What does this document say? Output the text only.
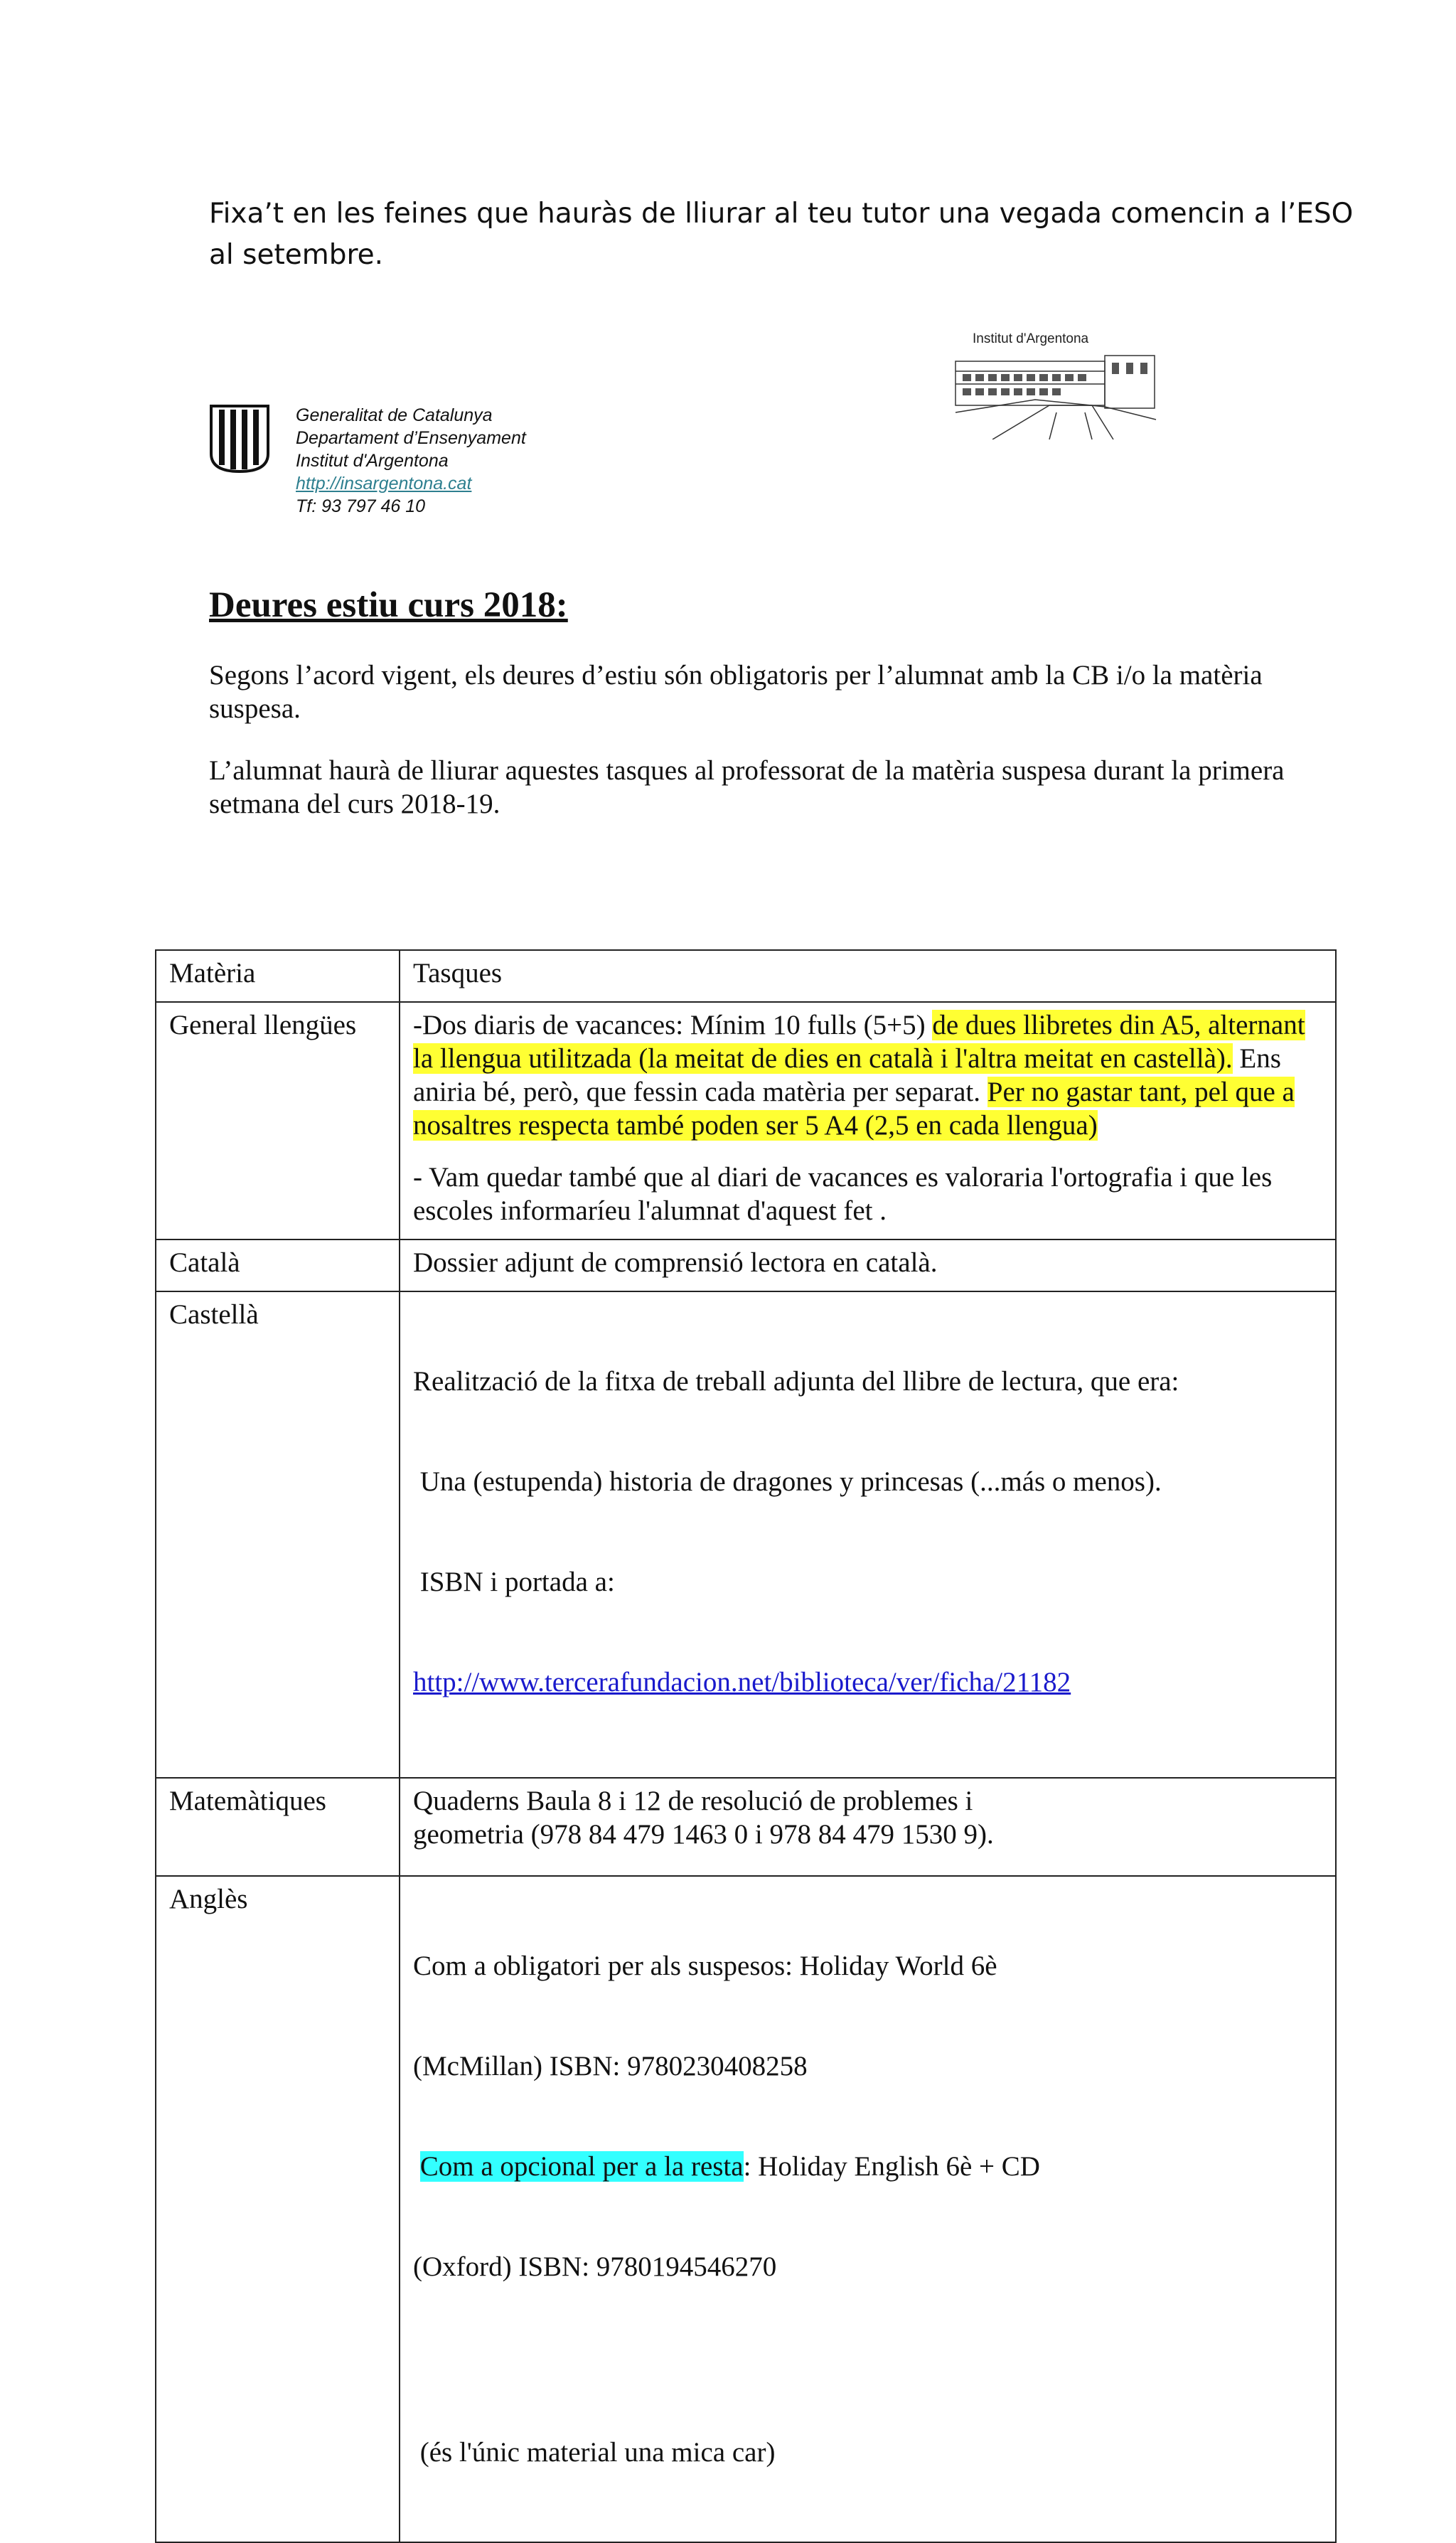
Fixa’t en les feines que hauràs de lliurar al teu tutor una vegada comencin a l’ESO al setembre.
Institut d'Argentona
Generalitat de Catalunya
Departament d’Ensenyament
Institut d'Argentona
http://insargentona.cat
Tf: 93 797 46 10
Deures estiu curs 2018:
Segons l’acord vigent, els deures d’estiu són obligatoris per l’alumnat amb la CB i/o la matèria suspesa.
L’alumnat haurà de lliurar aquestes tasques al professorat de la matèria suspesa durant la primera setmana del curs 2018-19.
Matèria	Tasques
General llengües	-Dos diaris de vacances: Mínim 10 fulls (5+5) de dues llibretes din A5, alternant la llengua utilitzada (la meitat de dies en català i l'altra meitat en castellà). Ens aniria bé, però, que fessin cada matèria per separat. Per no gastar tant, pel que a nosaltres respecta també poden ser 5 A4 (2,5 en cada llengua)
- Vam quedar també que al diari de vacances es valoraria l'ortografia i que les escoles informaríeu l'alumnat d'aquest fet .

Català	Dossier adjunt de comprensió lectora en català.

Castellà	Realització de la fitxa de treball adjunta del llibre de lectura, que era:

Una (estupenda) historia de dragones y princesas (...más o menos).

ISBN i portada a:

http://www.tercerafundacion.net/biblioteca/ver/ficha/21182

Matemàtiques	Quaderns Baula 8 i 12 de resolució de problemes i
geometria (978 84 479 1463 0 i 978 84 479 1530 9).

Anglès	Com a obligatori per als suspesos: Holiday World 6è

(McMillan) ISBN: 9780230408258

Com a opcional per a la resta: Holiday English 6è + CD

(Oxford) ISBN: 9780194546270

(és l'únic material una mica car)
